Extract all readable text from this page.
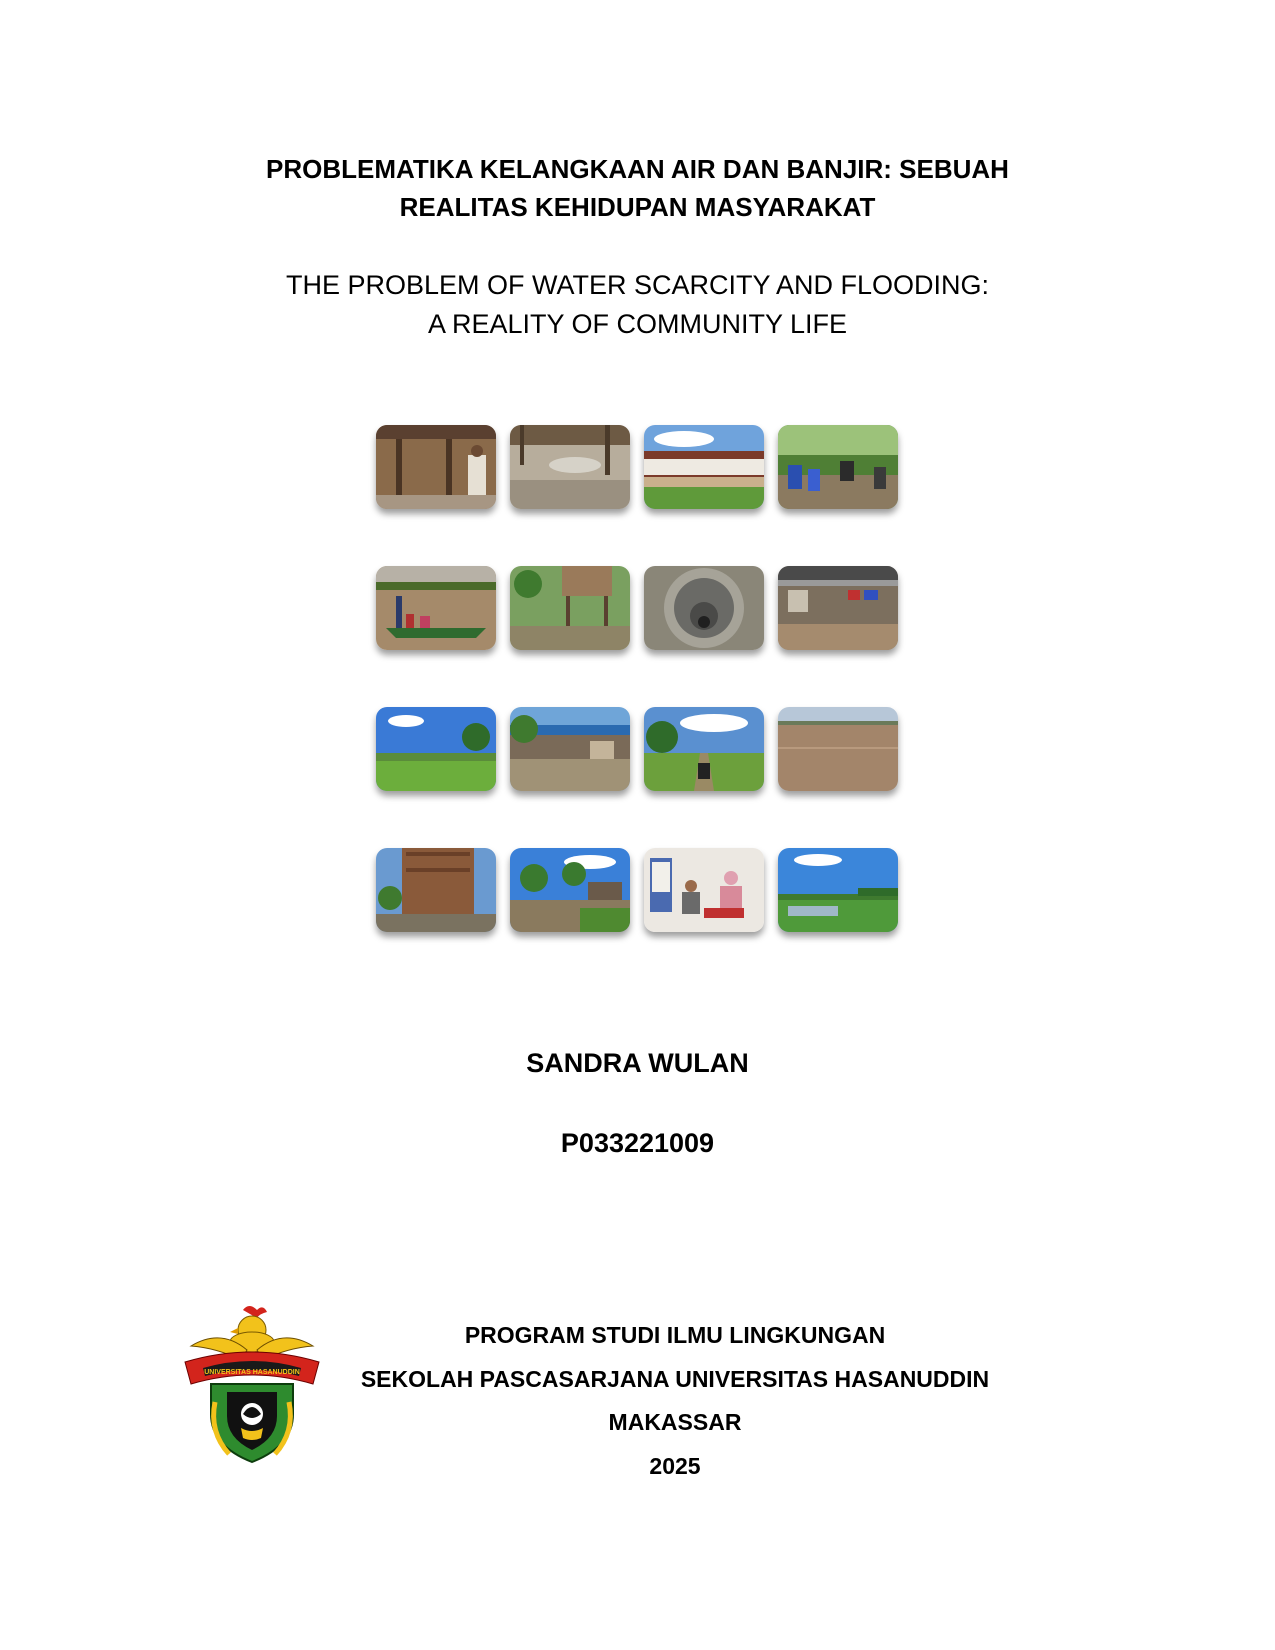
PROBLEMATIKA KELANGKAAN AIR DAN BANJIR: SEBUAH
REALITAS KEHIDUPAN MASYARAKAT
THE PROBLEM OF WATER SCARCITY AND FLOODING:
A REALITY OF COMMUNITY LIFE

SANDRA WULAN

P033221009

UNIVERSITAS HASANUDDIN
PROGRAM STUDI ILMU LINGKUNGAN
SEKOLAH PASCASARJANA UNIVERSITAS HASANUDDIN
MAKASSAR
2025
